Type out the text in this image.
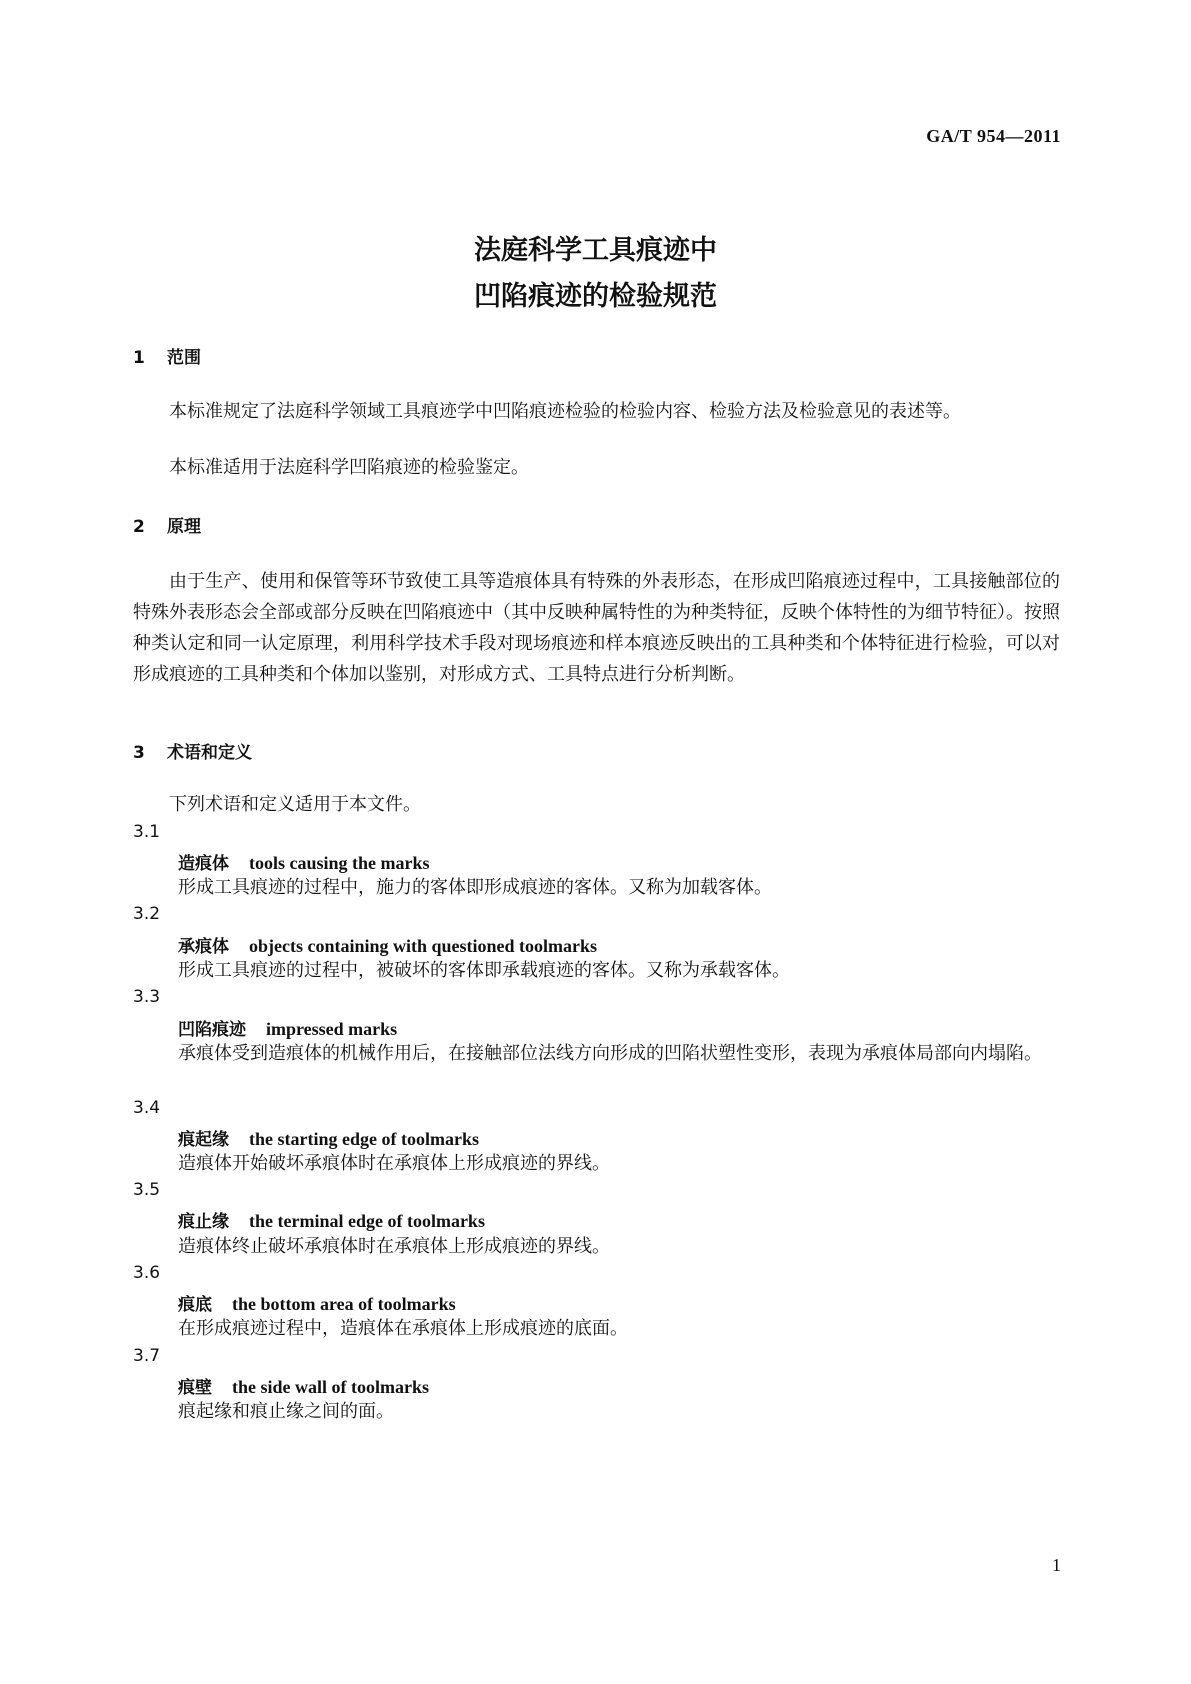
GA/T 954—2011
法庭科学工具痕迹中
凹陷痕迹的检验规范
1 范围
本标准规定了法庭科学领域工具痕迹学中凹陷痕迹检验的检验内容、检验方法及检验意见的表述等。
本标准适用于法庭科学凹陷痕迹的检验鉴定。
2 原理
由于生产、使用和保管等环节致使工具等造痕体具有特殊的外表形态，在形成凹陷痕迹过程中，工具接触部位的特殊外表形态会全部或部分反映在凹陷痕迹中（其中反映种属特性的为种类特征，反映个体特性的为细节特征）。按照种类认定和同一认定原理，利用科学技术手段对现场痕迹和样本痕迹反映出的工具种类和个体特征进行检验，可以对形成痕迹的工具种类和个体加以鉴别，对形成方式、工具特点进行分析判断。
3 术语和定义
下列术语和定义适用于本文件。
3.1
造痕体 tools causing the marks
形成工具痕迹的过程中，施力的客体即形成痕迹的客体。又称为加载客体。
3.2
承痕体 objects containing with questioned toolmarks
形成工具痕迹的过程中，被破坏的客体即承载痕迹的客体。又称为承载客体。
3.3
凹陷痕迹 impressed marks
承痕体受到造痕体的机械作用后，在接触部位法线方向形成的凹陷状塑性变形，表现为承痕体局部向内塌陷。
3.4
痕起缘 the starting edge of toolmarks
造痕体开始破坏承痕体时在承痕体上形成痕迹的界线。
3.5
痕止缘 the terminal edge of toolmarks
造痕体终止破坏承痕体时在承痕体上形成痕迹的界线。
3.6
痕底 the bottom area of toolmarks
在形成痕迹过程中，造痕体在承痕体上形成痕迹的底面。
3.7
痕壁 the side wall of toolmarks
痕起缘和痕止缘之间的面。
1
